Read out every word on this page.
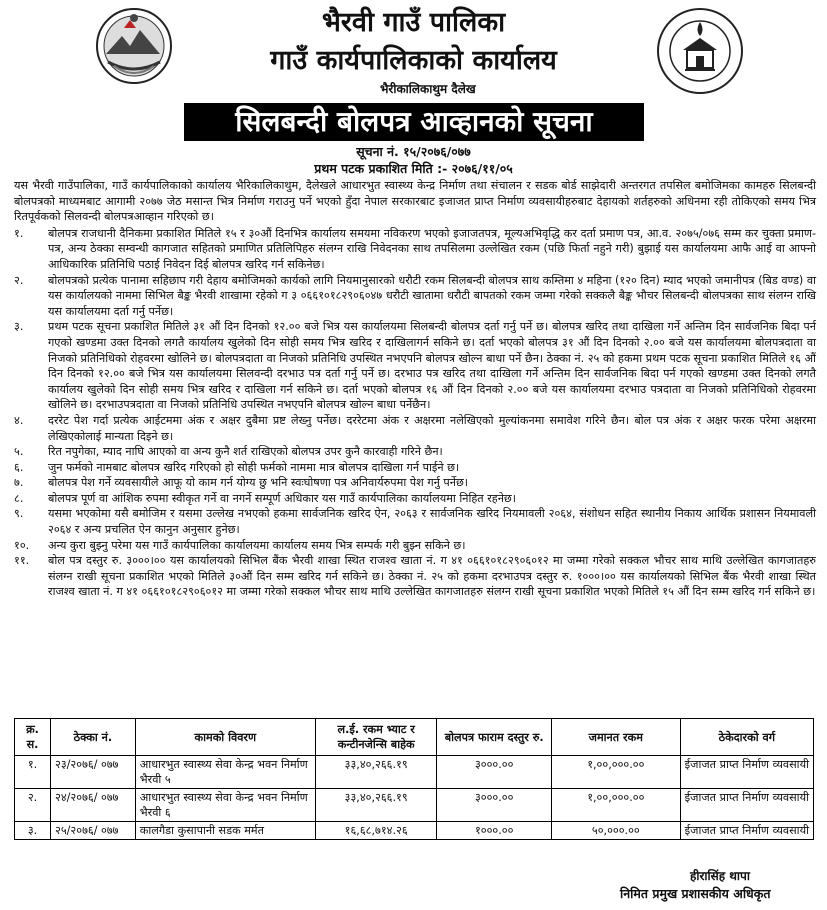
भैरवी गाउँ पालिका
गाउँ कार्यपालिकाको कार्यालय
भैरीकालिकाथुम दैलेख
सिलबन्दी बोलपत्र आव्हानको सूचना
सूचना नं. १५/२०७६/०७७
प्रथम पटक प्रकाशित मिति :- २०७६/११/०५

यस भैरवी गाउँपालिका, गाउँ कार्यपालिकाको कार्यालय भैरिकालिकाथुम, दैलेखले आधारभुत स्वास्थ्य केन्द्र निर्माण तथा संचालन र सडक बोर्ड साझेदारी अन्तरगत तपसिल बमोजिमका कामहरु सिलबन्दी बोलपत्रको माध्यमबाट आगामी २०७७ जेठ मसान्त भित्र निर्माण गराउनु पर्ने भएको हुँदा नेपाल सरकारबाट इजाजत प्राप्त निर्माण व्यवसायीहरुबाट देहायको शर्तहरुको अधिनमा रही तोकिएको समय भित्र रितपूर्वकको सिलवन्दी बोलपत्रआव्हान गरिएको छ।

१.	बोलपत्र राजधानी दैनिकमा प्रकाशित मितिले १५ र ३०औं दिनभित्र कार्यालय समयमा नविकरण भएको इजाजतपत्र, मूल्यअभिवृद्धि कर दर्ता प्रमाण पत्र, आ.व. २०७५/०७६ सम्म कर चुक्ता प्रमाण-पत्र, अन्य ठेक्का सम्वन्धी कागजात सहितको प्रमाणित प्रतिलिपिहरु संलग्न राखि निवेदनका साथ तपसिलमा उल्लेखित रकम (पछि फिर्ता नहुने गरी) बुझाई यस कार्यालयमा आफै आई वा आफ्नो आधिकारिक प्रतिनिधि पठाई निवेदन दिई बोलपत्र खरिद गर्न सकिनेछ।
२.	बोलपत्रको प्रत्येक पानामा सहिछाप गरी देहाय बमोजिमको कार्यको लागि नियमानुसारको धरौटी रकम सिलबन्दी बोलपत्र साथ कम्तिमा ४ महिना (१२० दिन) म्याद भएको जमानीपत्र (बिड वण्ड) वा यस कार्यालयको नाममा सिभिल बैङ्क भैरवी शाखामा रहेको ग ३ ०६६१०१८२९०६०४७ धरौटी खातामा धरौटी बापतको रकम जम्मा गरेको सक्कलै बैङ्क भौचर सिलबन्दी बोलपत्रका साथ संलग्न राखि यस कार्यालयमा दर्ता गर्नु पर्नेछ।
३.	प्रथम पटक सूचना प्रकाशित मितिले ३१ औं दिन दिनको १२.०० बजे भित्र यस कार्यालयमा सिलबन्दी बोलपत्र दर्ता गर्नु पर्ने छ। बोलपत्र खरिद तथा दाखिला गर्ने अन्तिम दिन सार्वजनिक बिदा पर्न गएको खण्डमा उक्त दिनको लगतै कार्यालय खुलेको दिन सोही समय भित्र खरिद र दाखिलागर्न सकिने छ। दर्ता भएको बोलपत्र ३१ औं दिन दिनको २.०० बजे यस कार्यालयमा बोलपत्रदाता वा निजको प्रतिनिधिको रोहवरमा खोलिने छ। बोलपत्रदाता वा निजको प्रतिनिधि उपस्थित नभएपनि बोलपत्र खोल्न बाधा पर्ने छैन। ठेक्का नं. २५ को हकमा प्रथम पटक सूचना प्रकाशित मितिले १६ औं दिन दिनको १२.०० बजे भित्र यस कार्यालयमा सिलवन्दी दरभाउ पत्र दर्ता गर्नु पर्ने छ। दरभाउ पत्र खरिद तथा दाखिला गर्ने अन्तिम दिन सार्वजनिक बिदा पर्न गएको खण्डमा उक्त दिनको लगतै कार्यालय खुलेको दिन सोही समय भित्र खरिद र दाखिला गर्न सकिने छ। दर्ता भएको बोलपत्र १६ औं दिन दिनको २.०० बजे यस कार्यालयमा दरभाउ पत्रदाता वा निजको प्रतिनिधिको रोहवरमा खोलिने छ। दरभाउपत्रदाता वा निजको प्रतिनिधि उपस्थित नभएपनि बोलपत्र खोल्न बाधा पर्नेछैन।
४.	दररेट पेश गर्दा प्रत्येक आईटममा अंक र अक्षर दुबैमा प्रष्ट लेख्नु पर्नेछ। दररेटमा अंक र अक्षरमा नलेखिएको मुल्यांकनमा समावेश गरिने छैन। बोल पत्र अंक र अक्षर फरक परेमा अक्षरमा लेखिएकोलाई मान्यता दिइने छ।
५.	रित नपुगेका, म्याद नाघि आएको वा अन्य कुनै शर्त राखिएको बोलपत्र उपर कुनै कारवाही गरिने छैन।
६.	जुन फर्मको नामबाट बोलपत्र खरिद गरिएको हो सोही फर्मको नाममा मात्र बोलपत्र दाखिला गर्न पाईने छ।
७.	बोलपत्र पेश गर्ने व्यवसायीले आफू यो काम गर्न योग्य छु भनि स्वःघोषणा पत्र अनिवार्यरुपमा पेश गर्नु पर्नेछ।
८.	बोलपत्र पूर्ण वा आंशिक रुपमा स्वीकृत गर्ने वा नगर्ने सम्पूर्ण अधिकार यस गाउँ कार्यपालिका कार्यालयमा निहित रहनेछ।
९.	यसमा भएकोमा यसै बमोजिम र यसमा उल्लेख नभएको हकमा सार्वजनिक खरिद ऐन, २०६३ र सार्वजनिक खरिद नियमावली २०६४, संशोधन सहित स्थानीय निकाय आर्थिक प्रशासन नियमावली २०६४ र अन्य प्रचलित ऐन कानुन अनुसार हुनेछ।
१०.	अन्य कुरा बुझ्नु परेमा यस गाउँ कार्यपालिका कार्यालयमा कार्यालय समय भित्र सम्पर्क गरी बुझ्न सकिने छ।
११.	बोल पत्र दस्तुर रु. ३०००।०० यस कार्यालयको सिभिल बैंक भैरवी शाखा स्थित राजश्व खाता नं. ग ४१ ०६६१०१८२९०६०१२ मा जम्मा गरेको सक्कल भौचर साथ माथि उल्लेखित कागजातहरु संलग्न राखी सूचना प्रकाशित भएको मितिले ३०औं दिन सम्म खरिद गर्न सकिने छ। ठेक्का नं. २५ को हकमा दरभाउपत्र दस्तुर रु. १०००।०० यस कार्यालयको सिभिल बैंक भैरवी शाखा स्थित राजश्व खाता नं. ग ४१ ०६६१०१८२९०६०१२ मा जम्मा गरेको सक्कल भौचर साथ माथि उल्लेखित कागजातहरु संलग्न राखी सूचना प्रकाशित भएको मितिले १५ औं दिन सम्म खरिद गर्न सकिने छ।
क्र. स.	ठेक्का नं.	कामको विवरण	ल.ई. रकम भ्याट र कन्टीनजेन्सि बाहेक	बोलपत्र फाराम दस्तुर रु.	जमानत रकम	ठेकेदारको वर्ग
१.	२३/२०७६/ ०७७	आधारभुत स्वास्थ्य सेवा केन्द्र भवन निर्माण भैरवी ५	३३,४०,२६६.१९	३०००.००	१,००,०००.००	ईजाजत प्राप्त निर्माण व्यवसायी
२.	२४/२०७६/ ०७७	आधारभुत स्वास्थ्य सेवा केन्द्र भवन निर्माण भैरवी ६	३३,४०,२६६.१९	३०००.००	१,००,०००.००	ईजाजत प्राप्त निर्माण व्यवसायी
३.	२५/२०७६/ ०७७	कालगैडा कुसापानी सडक मर्मत	१६,६८,७१४.२६	१०००.००	५०,०००.००	ईजाजत प्राप्त निर्माण व्यवसायी
हीरासिंह थापा
निमित प्रमुख प्रशासकीय अधिकृत
